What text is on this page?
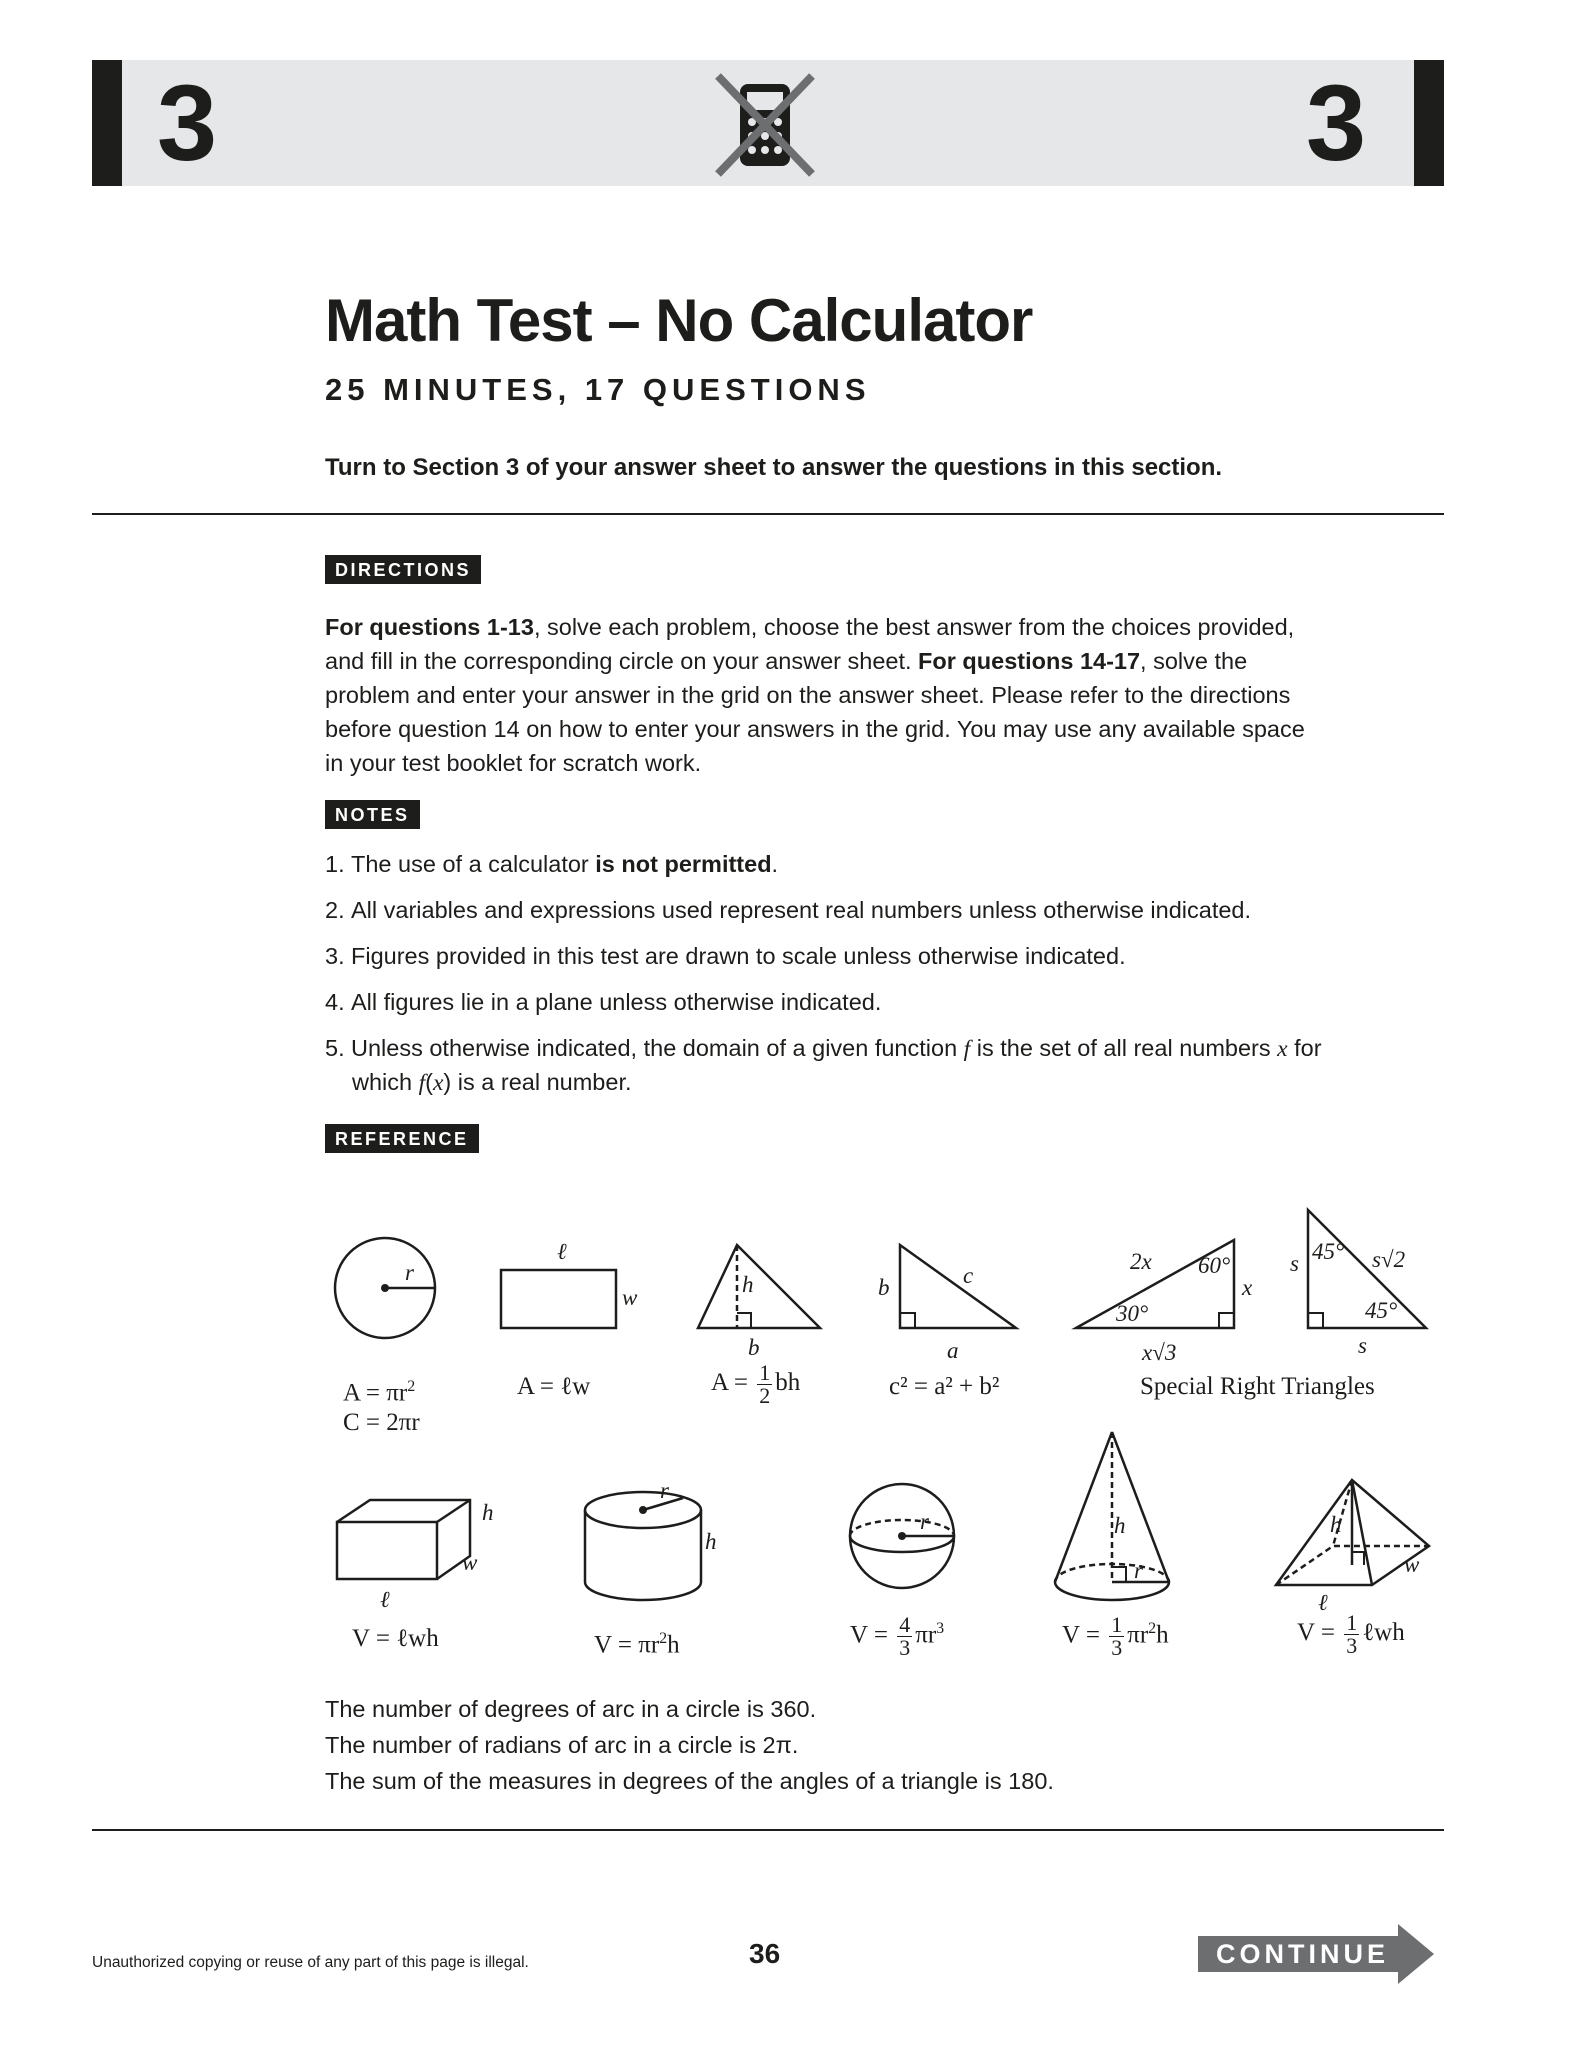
3	3
Math Test – No Calculator
25 MINUTES, 17 QUESTIONS
Turn to Section 3 of your answer sheet to answer the questions in this section.
DIRECTIONS
For questions 1-13, solve each problem, choose the best answer from the choices provided, and fill in the corresponding circle on your answer sheet. For questions 14-17, solve the problem and enter your answer in the grid on the answer sheet. Please refer to the directions before question 14 on how to enter your answers in the grid. You may use any available space in your test booklet for scratch work.
NOTES
1. The use of a calculator is not permitted.
2. All variables and expressions used represent real numbers unless otherwise indicated.
3. Figures provided in this test are drawn to scale unless otherwise indicated.
4. All figures lie in a plane unless otherwise indicated.
5. Unless otherwise indicated, the domain of a given function f is the set of all real numbers x for
which f(x) is a real number.
REFERENCE
r
ℓ
w
h
b
b	c
a
2x 60°
x
30°
x√3
s 45° s√2
45°
s
h
w
ℓ
r
h
r	h
r
h
w
ℓ
$A = \pi r^2$
C = 2πr
A = ℓw	$A = \frac{1}{2}$ bh	c² = a² + b²	Special Right Triangles
V = ℓwh	$V = \pi r^2h$	$V = \frac{4}{3} \pi r^3$	$V = \frac{1}{3} \pi r^2h$	$V = \frac{1}{3}$ ℓwh
The number of degrees of arc in a circle is 360.
The number of radians of arc in a circle is 2π.
The sum of the measures in degrees of the angles of a triangle is 180.
Unauthorized copying or reuse of any part of this page is illegal.	36	CONTINUE
